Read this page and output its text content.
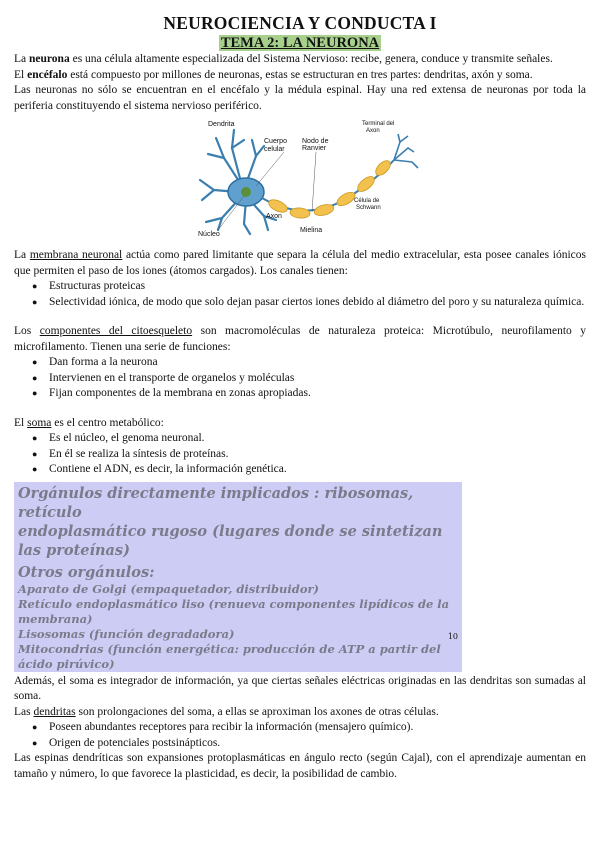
NEUROCIENCIA Y CONDUCTA I
TEMA 2: LA NEURONA

La neurona es una célula altamente especializada del Sistema Nervioso: recibe, genera, conduce y transmite señales.

El encéfalo está compuesto por millones de neuronas, estas se estructuran en tres partes: dendritas, axón y soma.

Las neuronas no sólo se encuentran en el encéfalo y la médula espinal. Hay una red extensa de neuronas por toda la periferia constituyendo el sistema nervioso periférico.

Dendrita
Cuerpo
celular
Nodo de
Ranvier
Terminal del
Axon
Axon
Mielina
Célula de
Schwann
Núcleo

La membrana neuronal actúa como pared limitante que separa la célula del medio extracelular, esta posee canales iónicos que permiten el paso de los iones (átomos cargados). Los canales tienen:

● Estructuras proteicas
● Selectividad iónica, de modo que solo dejan pasar ciertos iones debido al diámetro del poro y su naturaleza química.

Los componentes del citoesqueleto son macromoléculas de naturaleza proteica: Microtúbulo, neurofilamento y microfilamento. Tienen una serie de funciones:

● Dan forma a la neurona
● Intervienen en el transporte de organelos y moléculas
● Fijan componentes de la membrana en zonas apropiadas.

El soma es el centro metabólico:

● Es el núcleo, el genoma neuronal.
● En él se realiza la síntesis de proteínas.
● Contiene el ADN, es decir, la información genética.
Orgánulos directamente implicados : ribosomas, retículo
endoplasmático rugoso (lugares donde se sintetizan las proteínas)
Otros orgánulos:
Aparato de Golgi (empaquetador, distribuidor)
Retículo endoplasmático liso (renueva componentes lipídicos de la membrana)
Lisosomas (función degradadora)	10
Mitocondrias (función energética: producción de ATP a partir del ácido pirúvico)

Además, el soma es integrador de información, ya que ciertas señales eléctricas originadas en las dendritas son sumadas al soma.

Las dendritas son prolongaciones del soma, a ellas se aproximan los axones de otras células.

● Poseen abundantes receptores para recibir la información (mensajero químico).
● Origen de potenciales postsinápticos.

Las espinas dendríticas son expansiones protoplasmáticas en ángulo recto (según Cajal), con el aprendizaje aumentan en tamaño y número, lo que favorece la plasticidad, es decir, la posibilidad de cambio.
